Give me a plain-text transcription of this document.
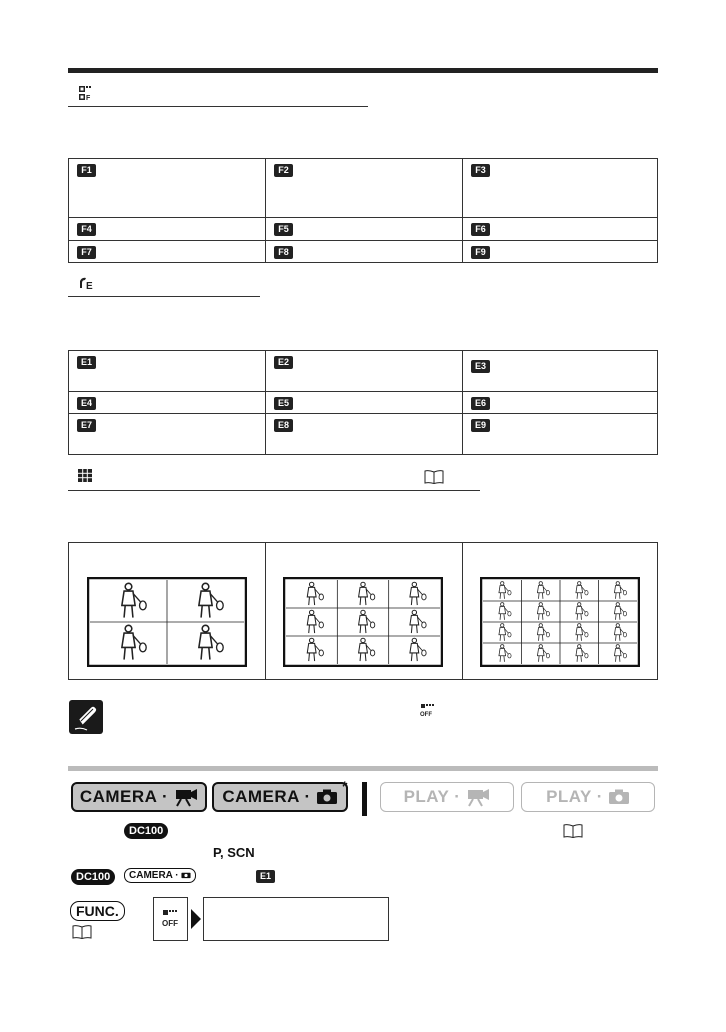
F
F1	F2	F3
F4	F5	F6
F7	F8	F9
E
E1	E2	E3
E4	E5	E6
E7	E8	E9
OFF
CAMERA ·	CAMERA ·
*
PLAY ·	PLAY ·
DC100
P, SCN
DC100	CAMERA ·	E1
FUNC.
OFF
